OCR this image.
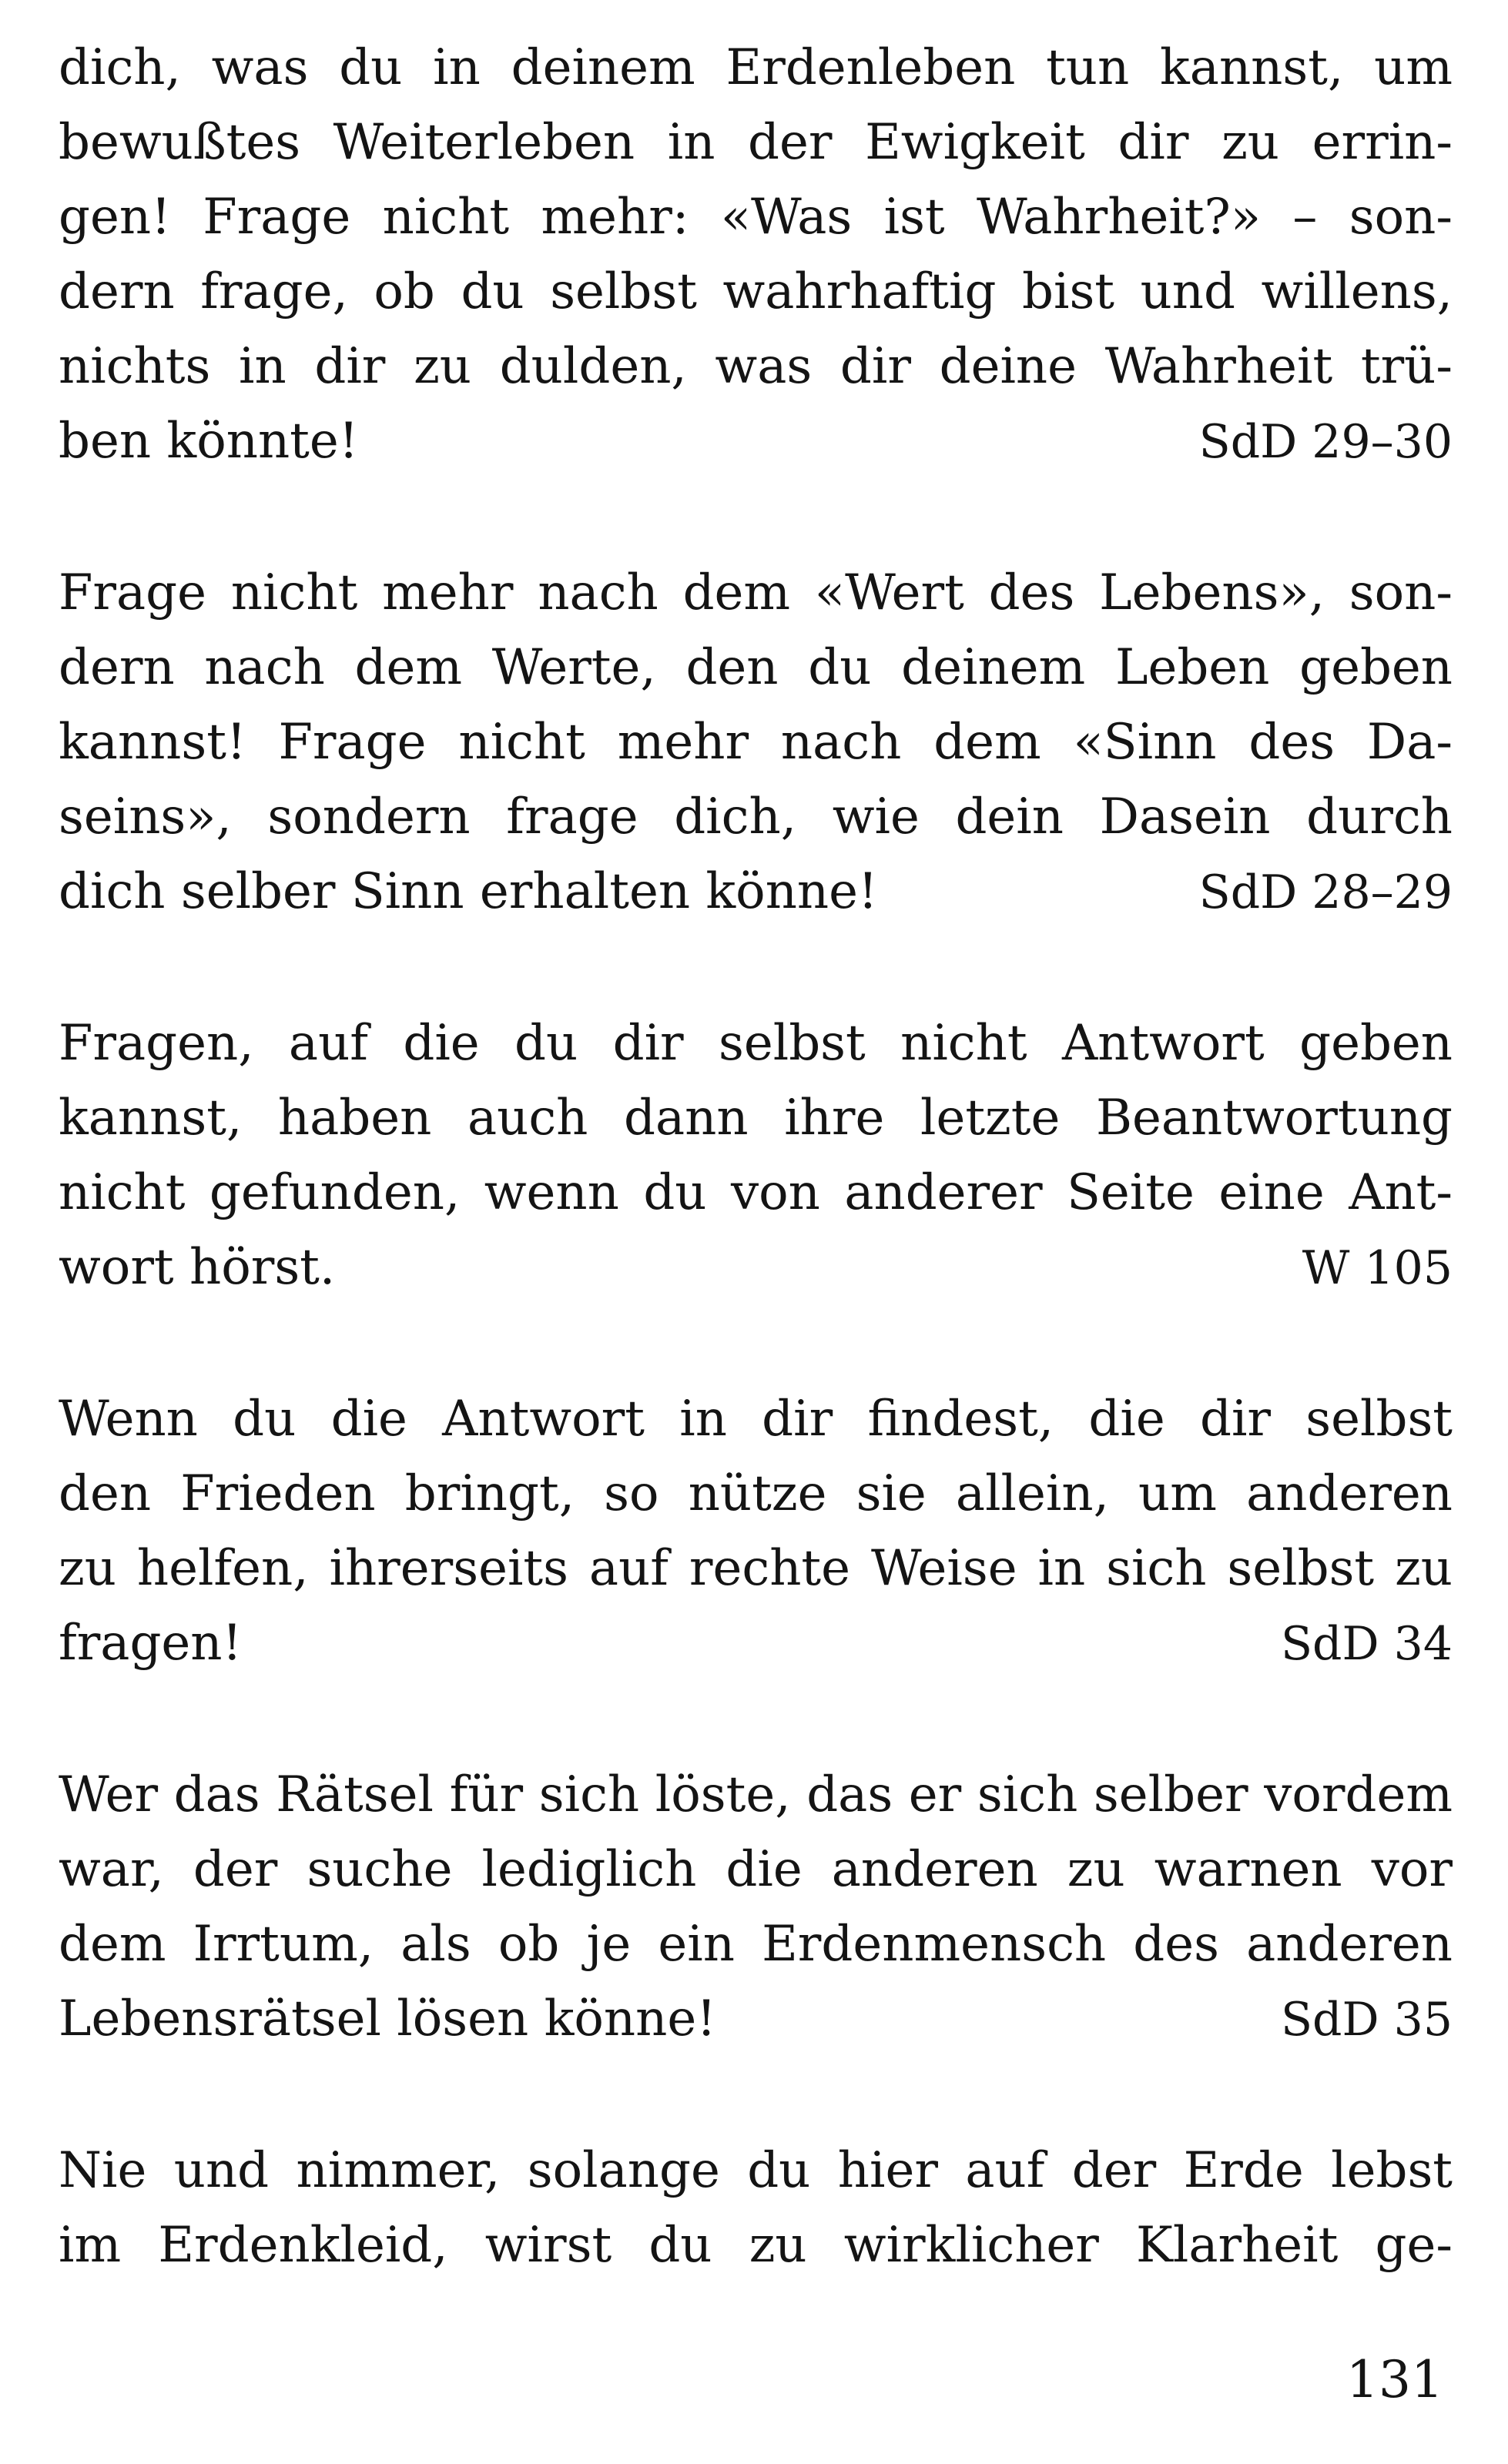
dich, was du in deinem Erdenleben tun kannst, um
bewußtes Weiterleben in der Ewigkeit dir zu errin-
gen! Frage nicht mehr: «Was ist Wahrheit?» – son-
dern frage, ob du selbst wahrhaftig bist und willens,
nichts in dir zu dulden, was dir deine Wahrheit trü-
ben könnte!	SdD 29–30
Frage nicht mehr nach dem «Wert des Lebens», son-
dern nach dem Werte, den du deinem Leben geben
kannst! Frage nicht mehr nach dem «Sinn des Da-
seins», sondern frage dich, wie dein Dasein durch
dich selber Sinn erhalten könne!	SdD 28–29
Fragen, auf die du dir selbst nicht Antwort geben
kannst, haben auch dann ihre letzte Beantwortung
nicht gefunden, wenn du von anderer Seite eine Ant-
wort hörst.	W 105
Wenn du die Antwort in dir findest, die dir selbst
den Frieden bringt, so nütze sie allein, um anderen
zu helfen, ihrerseits auf rechte Weise in sich selbst zu
fragen!	SdD 34
Wer das Rätsel für sich löste, das er sich selber vordem
war, der suche lediglich die anderen zu warnen vor
dem Irrtum, als ob je ein Erdenmensch des anderen
Lebensrätsel lösen könne!	SdD 35
Nie und nimmer, solange du hier auf der Erde lebst
im Erdenkleid, wirst du zu wirklicher Klarheit ge-
131
